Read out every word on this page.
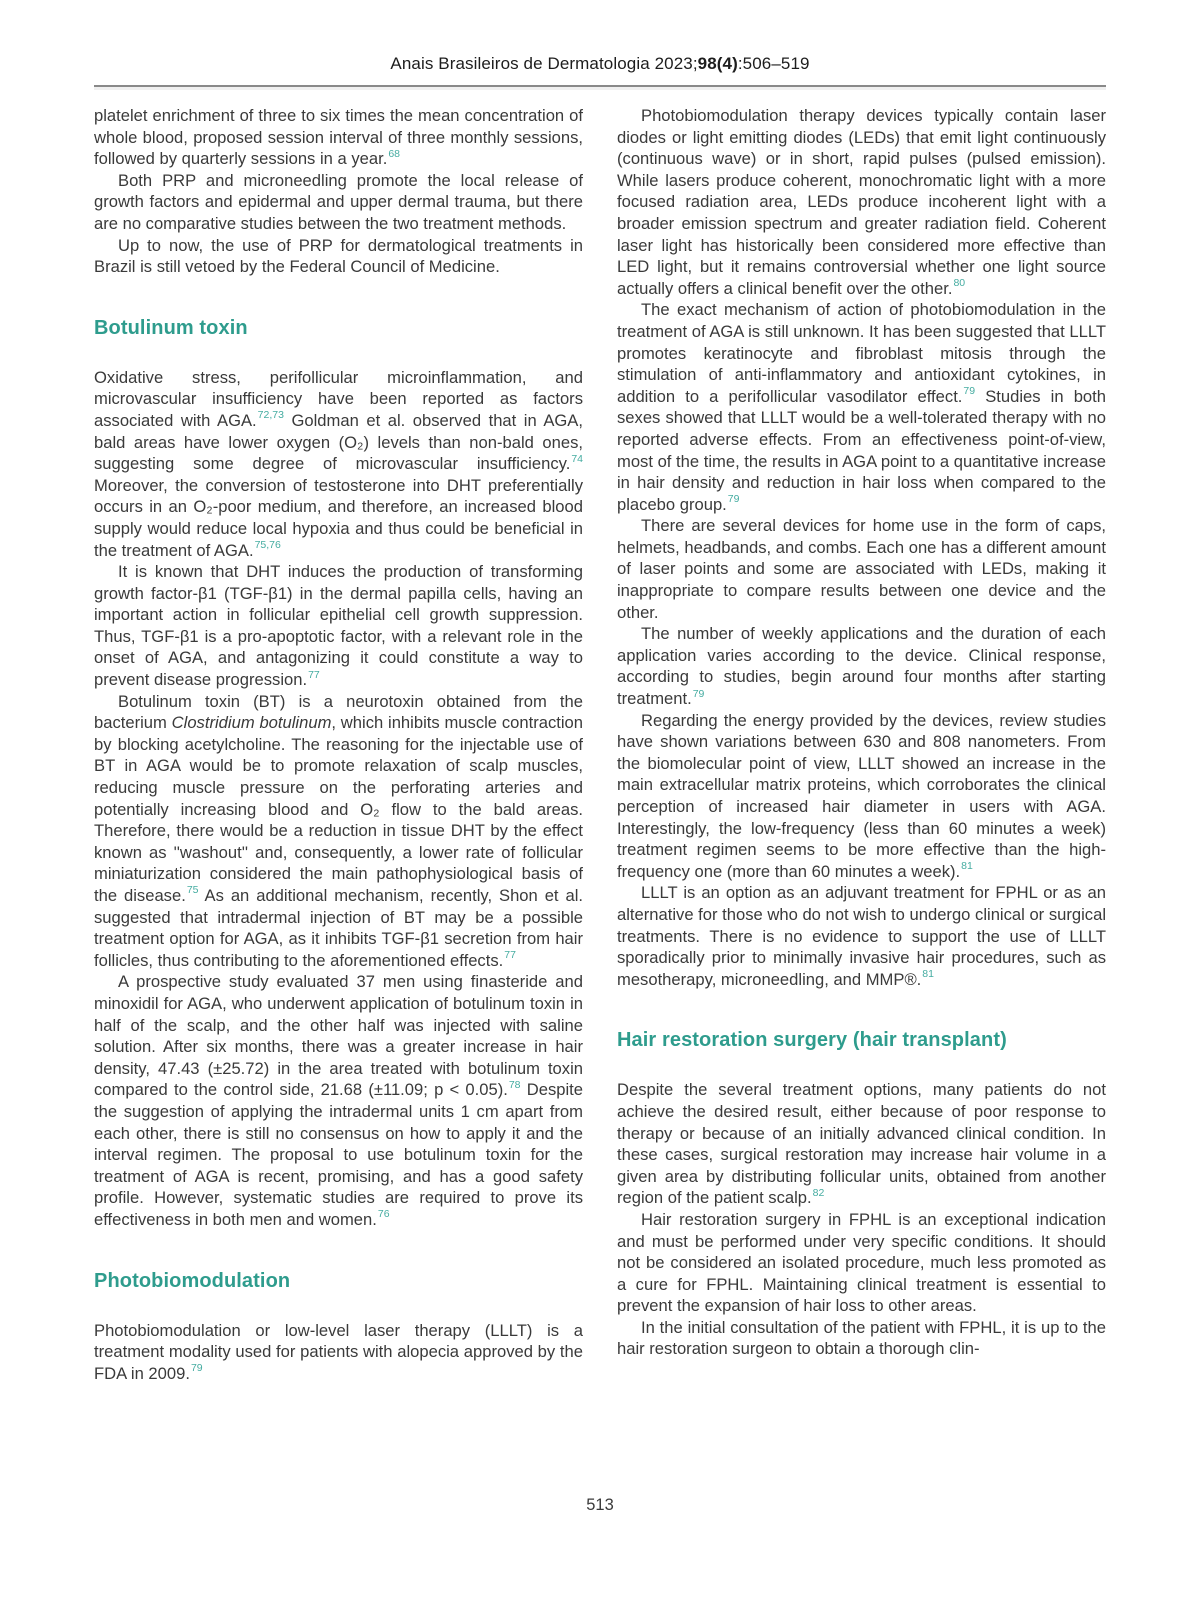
Anais Brasileiros de Dermatologia 2023;98(4):506–519

platelet enrichment of three to six times the mean concentration of whole blood, proposed session interval of three monthly sessions, followed by quarterly sessions in a year.$^{68}$

Both PRP and microneedling promote the local release of growth factors and epidermal and upper dermal trauma, but there are no comparative studies between the two treatment methods.

Up to now, the use of PRP for dermatological treatments in Brazil is still vetoed by the Federal Council of Medicine.

Botulinum toxin

Oxidative stress, perifollicular microinflammation, and microvascular insufficiency have been reported as factors associated with AGA.$^{72,73}$ Goldman et al. observed that in AGA, bald areas have lower oxygen (O₂) levels than non-bald ones, suggesting some degree of microvascular insufficiency.$^{74}$ Moreover, the conversion of testosterone into DHT preferentially occurs in an O₂-poor medium, and therefore, an increased blood supply would reduce local hypoxia and thus could be beneficial in the treatment of AGA.$^{75,76}$

It is known that DHT induces the production of transforming growth factor-β1 (TGF-β1) in the dermal papilla cells, having an important action in follicular epithelial cell growth suppression. Thus, TGF-β1 is a pro-apoptotic factor, with a relevant role in the onset of AGA, and antagonizing it could constitute a way to prevent disease progression.$^{77}$

Botulinum toxin (BT) is a neurotoxin obtained from the bacterium Clostridium botulinum, which inhibits muscle contraction by blocking acetylcholine. The reasoning for the injectable use of BT in AGA would be to promote relaxation of scalp muscles, reducing muscle pressure on the perforating arteries and potentially increasing blood and O₂ flow to the bald areas. Therefore, there would be a reduction in tissue DHT by the effect known as ''washout'' and, consequently, a lower rate of follicular miniaturization considered the main pathophysiological basis of the disease.$^{75}$ As an additional mechanism, recently, Shon et al. suggested that intradermal injection of BT may be a possible treatment option for AGA, as it inhibits TGF-β1 secretion from hair follicles, thus contributing to the aforementioned effects.$^{77}$

A prospective study evaluated 37 men using finasteride and minoxidil for AGA, who underwent application of botulinum toxin in half of the scalp, and the other half was injected with saline solution. After six months, there was a greater increase in hair density, 47.43 (±25.72) in the area treated with botulinum toxin compared to the control side, 21.68 (±11.09; p < 0.05).$^{78}$ Despite the suggestion of applying the intradermal units 1 cm apart from each other, there is still no consensus on how to apply it and the interval regimen. The proposal to use botulinum toxin for the treatment of AGA is recent, promising, and has a good safety profile. However, systematic studies are required to prove its effectiveness in both men and women.$^{76}$

Photobiomodulation

Photobiomodulation or low-level laser therapy (LLLT) is a treatment modality used for patients with alopecia approved by the FDA in 2009.79

Photobiomodulation therapy devices typically contain laser diodes or light emitting diodes (LEDs) that emit light continuously (continuous wave) or in short, rapid pulses (pulsed emission). While lasers produce coherent, monochromatic light with a more focused radiation area, LEDs produce incoherent light with a broader emission spectrum and greater radiation field. Coherent laser light has historically been considered more effective than LED light, but it remains controversial whether one light source actually offers a clinical benefit over the other.$^{80}$

The exact mechanism of action of photobiomodulation in the treatment of AGA is still unknown. It has been suggested that LLLT promotes keratinocyte and fibroblast mitosis through the stimulation of anti-inflammatory and antioxidant cytokines, in addition to a perifollicular vasodilator effect.$^{79}$ Studies in both sexes showed that LLLT would be a well-tolerated therapy with no reported adverse effects. From an effectiveness point-of-view, most of the time, the results in AGA point to a quantitative increase in hair density and reduction in hair loss when compared to the placebo group.$^{79}$

There are several devices for home use in the form of caps, helmets, headbands, and combs. Each one has a different amount of laser points and some are associated with LEDs, making it inappropriate to compare results between one device and the other.

The number of weekly applications and the duration of each application varies according to the device. Clinical response, according to studies, begin around four months after starting treatment.$^{79}$

Regarding the energy provided by the devices, review studies have shown variations between 630 and 808 nanometers. From the biomolecular point of view, LLLT showed an increase in the main extracellular matrix proteins, which corroborates the clinical perception of increased hair diameter in users with AGA. Interestingly, the low-frequency (less than 60 minutes a week) treatment regimen seems to be more effective than the high-frequency one (more than 60 minutes a week).$^{81}$

LLLT is an option as an adjuvant treatment for FPHL or as an alternative for those who do not wish to undergo clinical or surgical treatments. There is no evidence to support the use of LLLT sporadically prior to minimally invasive hair procedures, such as mesotherapy, microneedling, and MMP®.$^{81}$

Hair restoration surgery (hair transplant)

Despite the several treatment options, many patients do not achieve the desired result, either because of poor response to therapy or because of an initially advanced clinical condition. In these cases, surgical restoration may increase hair volume in a given area by distributing follicular units, obtained from another region of the patient scalp.$^{82}$

Hair restoration surgery in FPHL is an exceptional indication and must be performed under very specific conditions. It should not be considered an isolated procedure, much less promoted as a cure for FPHL. Maintaining clinical treatment is essential to prevent the expansion of hair loss to other areas.

In the initial consultation of the patient with FPHL, it is up to the hair restoration surgeon to obtain a thorough clin-

513
